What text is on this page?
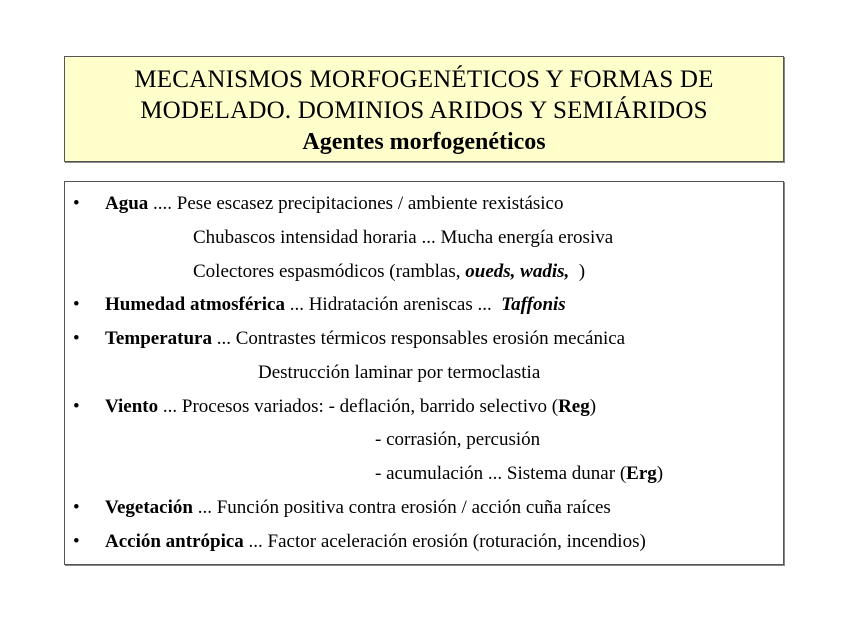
MECANISMOS MORFOGENÉTICOS Y FORMAS DE
MODELADO. DOMINIOS ARIDOS Y SEMIÁRIDOS
Agentes morfogenéticos
• Agua .... Pese escasez precipitaciones / ambiente rexistásico
Chubascos intensidad horaria ... Mucha energía erosiva
Colectores espasmódicos (ramblas, oueds, wadis,  )
• Humedad atmosférica ... Hidratación areniscas ...  Taffonis
• Temperatura ... Contrastes térmicos responsables erosión mecánica
Destrucción laminar por termoclastia
• Viento ... Procesos variados: - deflación, barrido selectivo (Reg)
- corrasión, percusión
- acumulación ... Sistema dunar (Erg)
• Vegetación ... Función positiva contra erosión / acción cuña raíces
• Acción antrópica ... Factor aceleración erosión (roturación, incendios)
